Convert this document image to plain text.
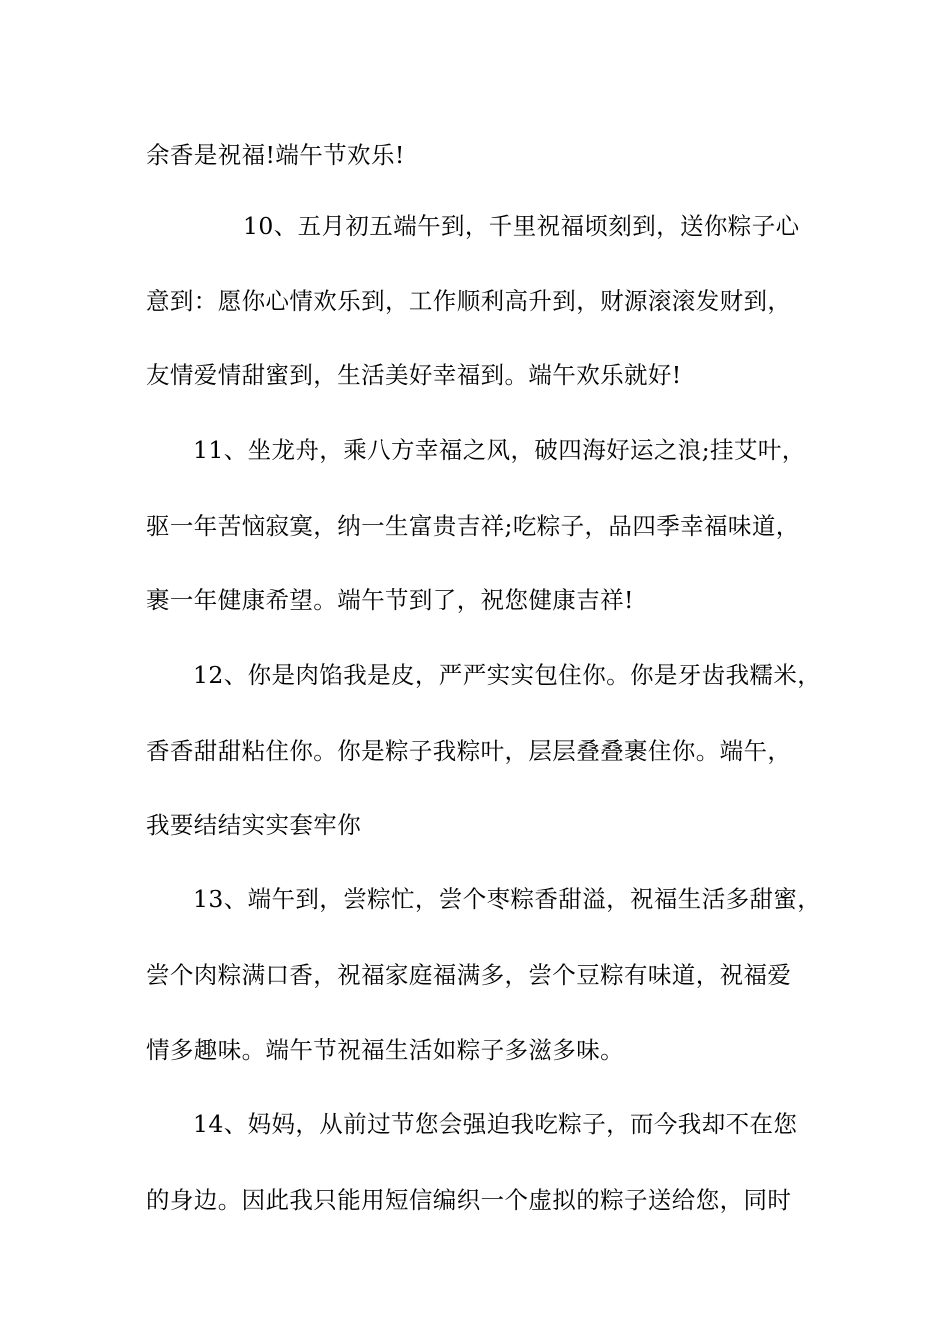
余香是祝福!端午节欢乐!
10、五月初五端午到，千里祝福顷刻到，送你粽子心
意到：愿你心情欢乐到，工作顺利高升到，财源滚滚发财到，
友情爱情甜蜜到，生活美好幸福到。端午欢乐就好!
11、坐龙舟，乘八方幸福之风，破四海好运之浪;挂艾叶，
驱一年苦恼寂寞，纳一生富贵吉祥;吃粽子，品四季幸福味道，
裹一年健康希望。端午节到了，祝您健康吉祥!
12、你是肉馅我是皮，严严实实包住你。你是牙齿我糯米，
香香甜甜粘住你。你是粽子我粽叶，层层叠叠裹住你。端午，
我要结结实实套牢你
13、端午到，尝粽忙，尝个枣粽香甜溢，祝福生活多甜蜜，
尝个肉粽满口香，祝福家庭福满多，尝个豆粽有味道，祝福爱
情多趣味。端午节祝福生活如粽子多滋多味。
14、妈妈，从前过节您会强迫我吃粽子，而今我却不在您
的身边。因此我只能用短信编织一个虚拟的粽子送给您，同时
